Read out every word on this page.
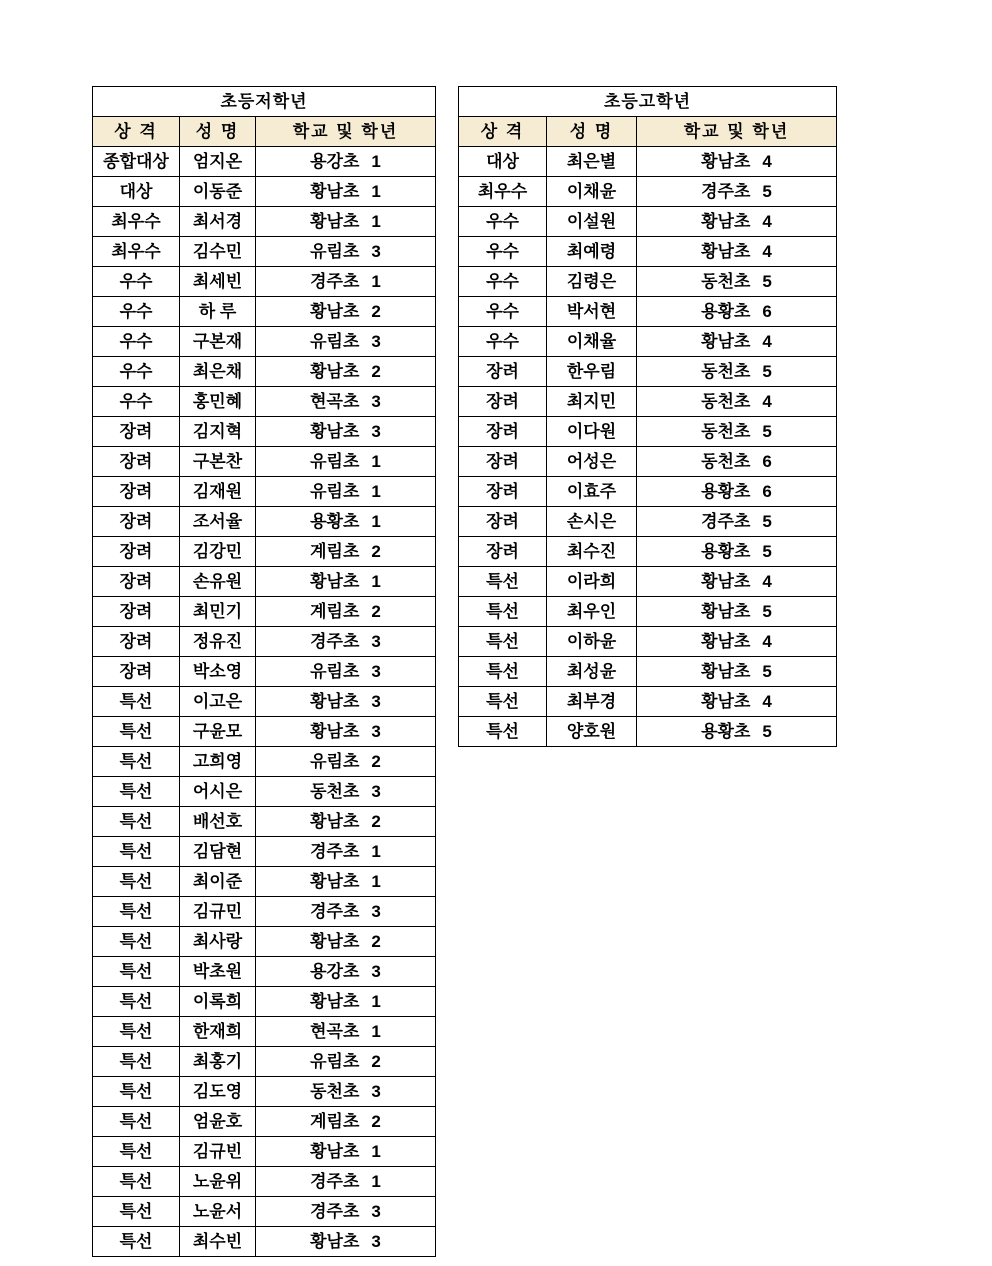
초등저학년		
상 격	성 명	학교 및 학년
종합대상	엄지온	용강초 1
대상	이동준	황남초 1
최우수	최서경	황남초 1
최우수	김수민	유림초 3
우수	최세빈	경주초 1
우수	하 루	황남초 2
우수	구본재	유림초 3
우수	최은채	황남초 2
우수	홍민혜	현곡초 3
장려	김지혁	황남초 3
장려	구본찬	유림초 1
장려	김재원	유림초 1
장려	조서율	용황초 1
장려	김강민	계림초 2
장려	손유원	황남초 1
장려	최민기	계림초 2
장려	정유진	경주초 3
장려	박소영	유림초 3
특선	이고은	황남초 3
특선	구윤모	황남초 3
특선	고희영	유림초 2
특선	어시은	동천초 3
특선	배선호	황남초 2
특선	김담현	경주초 1
특선	최이준	황남초 1
특선	김규민	경주초 3
특선	최사랑	황남초 2
특선	박초원	용강초 3
특선	이록희	황남초 1
특선	한재희	현곡초 1
특선	최홍기	유림초 2
특선	김도영	동천초 3
특선	엄윤호	계림초 2
특선	김규빈	황남초 1
특선	노윤위	경주초 1
특선	노윤서	경주초 3
특선	최수빈	황남초 3
초등고학년		
상 격	성 명	학교 및 학년
대상	최은별	황남초 4
최우수	이채윤	경주초 5
우수	이설원	황남초 4
우수	최예령	황남초 4
우수	김령은	동천초 5
우수	박서현	용황초 6
우수	이채율	황남초 4
장려	한우림	동천초 5
장려	최지민	동천초 4
장려	이다원	동천초 5
장려	어성은	동천초 6
장려	이효주	용황초 6
장려	손시은	경주초 5
장려	최수진	용황초 5
특선	이라희	황남초 4
특선	최우인	황남초 5
특선	이하윤	황남초 4
특선	최성윤	황남초 5
특선	최부경	황남초 4
특선	양호원	용황초 5
